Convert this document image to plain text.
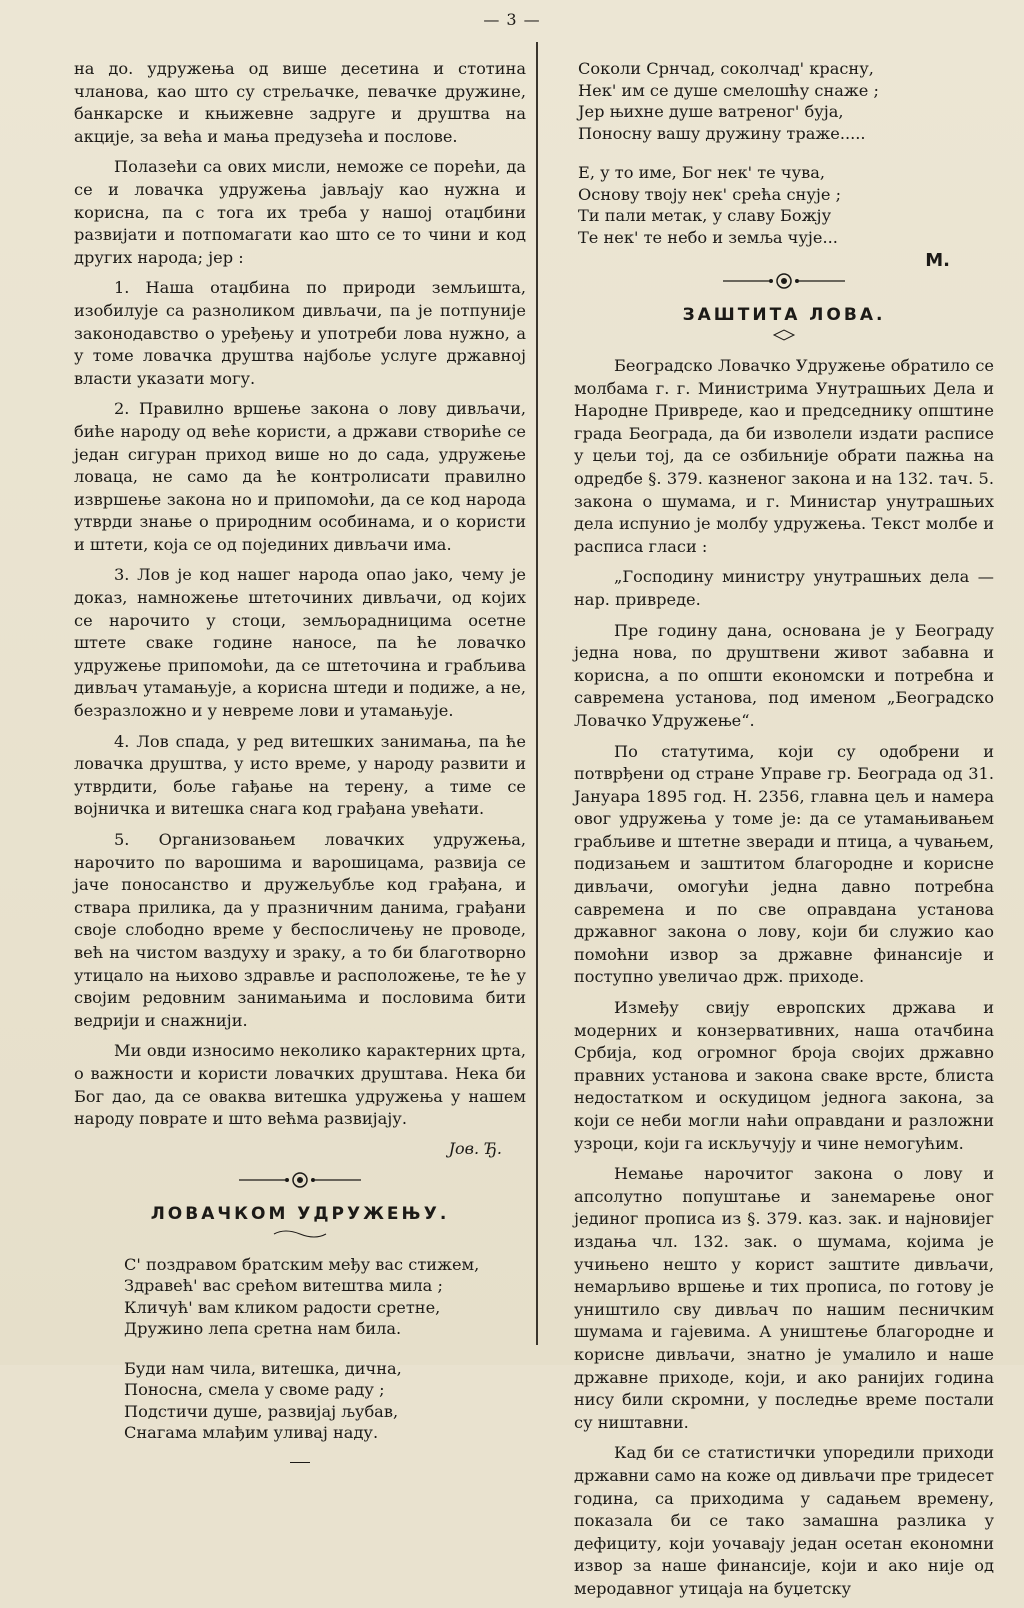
— 3 —

на до. удружења од више десетина и стотина чланова, као што су стрељачке, певачке дружине, банкарске и књижевне задруге и друштва на акције, за већа и мања предузећа и послове.

Полазећи са ових мисли, неможе се порећи, да се и ловачка удружења јављају као нужна и корисна, па с тога их треба у нашој отаџбини развијати и потпомагати као што се то чини и код других народа; јер :

1. Наша отаџбина по природи земљишта, изобилује са разноликом дивљачи, па је потпуније законодавство о уређењу и употреби лова нужно, а у томе ловачка друштва најбоље услуге државној власти указати могу.

2. Правилно вршење закона о лову дивљачи, биће народу од веће користи, а држави створиће се један сигуран приход више но до сада, удружење ловаца, не само да ће контролисати правилно извршење закона но и припомоћи, да се код народа утврди знање о природним особинама, и о користи и штети, која се од појединих дивљачи има.

3. Лов је код нашег народа опао јако, чему је доказ, намножење штеточиних дивљачи, од којих се нарочито у стоци, земљорадницима осетне штете сваке године наносе, па ће ловачко удружење припомоћи, да се штеточина и грабљива дивљач утамањује, а корисна штеди и подиже, а не, безразложно и у невреме лови и утамањује.

4. Лов спада, у ред витешких занимања, па ће ловачка друштва, у исто време, у народу развити и утврдити, боље гађање на терену, а тиме се војничка и витешка снага код грађана увећати.

5. Организовањем ловачких удружења, нарочито по варошима и варошицама, развија се јаче поносанство и дружељубље код грађана, и ствара прилика, да у празничним данима, грађани своје слободно време у беспосличењу не проводе, већ на чистом ваздуху и зраку, а то би благотворно утицало на њихово здравље и расположење, те ће у својим редовним занимањима и пословима бити ведрији и снажнији.

Ми овди износимо неколико карактерних црта, о важности и користи ловачких друштава. Нека би Бог дао, да се оваква витешка удружења у нашем народу поврате и што већма развијају.

Јов. Ђ.
ЛОВАЧКОМ УДРУЖЕЊУ.
С' поздравом братским међу вас стижем,
Здравећ' вас срећом витештва мила ;
Кличућ' вам кликом радости сретне,
Дружино лепа сретна нам била.
Буди нам чила, витешка, дична,
Поносна, смела у своме раду ;
Подстичи душе, развијај љубав,
Снагама млађим уливај наду.
Соколи Срнчад, соколчад' красну,
Нек' им се душе смелошћу снаже ;
Јер њихне душе ватреног' буја,
Поносну вашу дружину траже.....
Е, у то име, Бог нек' те чува,
Основу твоју нек' срећа снује ;
Ти пали метак, у славу Божју
Те нек' те небо и земља чује...
М.
ЗАШТИТА ЛОВА.

Београдско Ловачко Удружење обратило се молбама г. г. Министрима Унутрашњих Дела и Народне Привреде, као и председнику општине града Београда, да би изволели издати расписе у цељи тој, да се озбиљније обрати пажња на одредбе §. 379. казненог закона и на 132. тач. 5. закона о шумама, и г. Министар унутрашњих дела испунио је молбу удружења. Текст молбе и расписа гласи :

„Господину министру унутрашњих дела — нар. привреде.

Пре годину дана, основана је у Београду једна нова, по друштвени живот забавна и корисна, а по општи економски и потребна и савремена установа, под именом „Београдско Ловачко Удружење“.

По статутима, који су одобрени и потврђени од стране Управе гр. Београда од 31. Јануара 1895 год. Н. 2356, главна цељ и намера овог удружења у томе је: да се утамањивањем грабљиве и штетне зверади и птица, а чувањем, подизањем и заштитом благородне и корисне дивљачи, омогући једна давно потребна савремена и по све оправдана установа државног закона о лову, који би служио као помоћни извор за државне финансије и поступно увеличао држ. приходе.

Између свију европских држава и модерних и конзервативних, наша отачбина Србија, код огромног броја својих државно правних установа и закона сваке врсте, блиста недостатком и оскудицом једнога закона, за који се неби могли наћи оправдани и разложни узроци, који га искључују и чине немогућим.

Немање нарочитог закона о лову и апсолутно попуштање и занемарење оног јединог прописа из §. 379. каз. зак. и најновијег издања чл. 132. зак. о шумама, којима је учињено нешто у корист заштите дивљачи, немарљиво вршење и тих прописа, по готову је уништило сву дивљач по нашим песничким шумама и гајевима. А уништење благородне и корисне дивљачи, знатно је умалило и наше државне приходе, који, и ако ранијих година нису били скромни, у последње време постали су ништавни.

Кад би се статистички упоредили приходи државни само на коже од дивљачи пре тридесет година, са приходима у садањем времену, показала би се тако замашна разлика у дефициту, који уочавају један осетан економни извор за наше финансије, који и ако није од меродавног утицаја на буџетску
